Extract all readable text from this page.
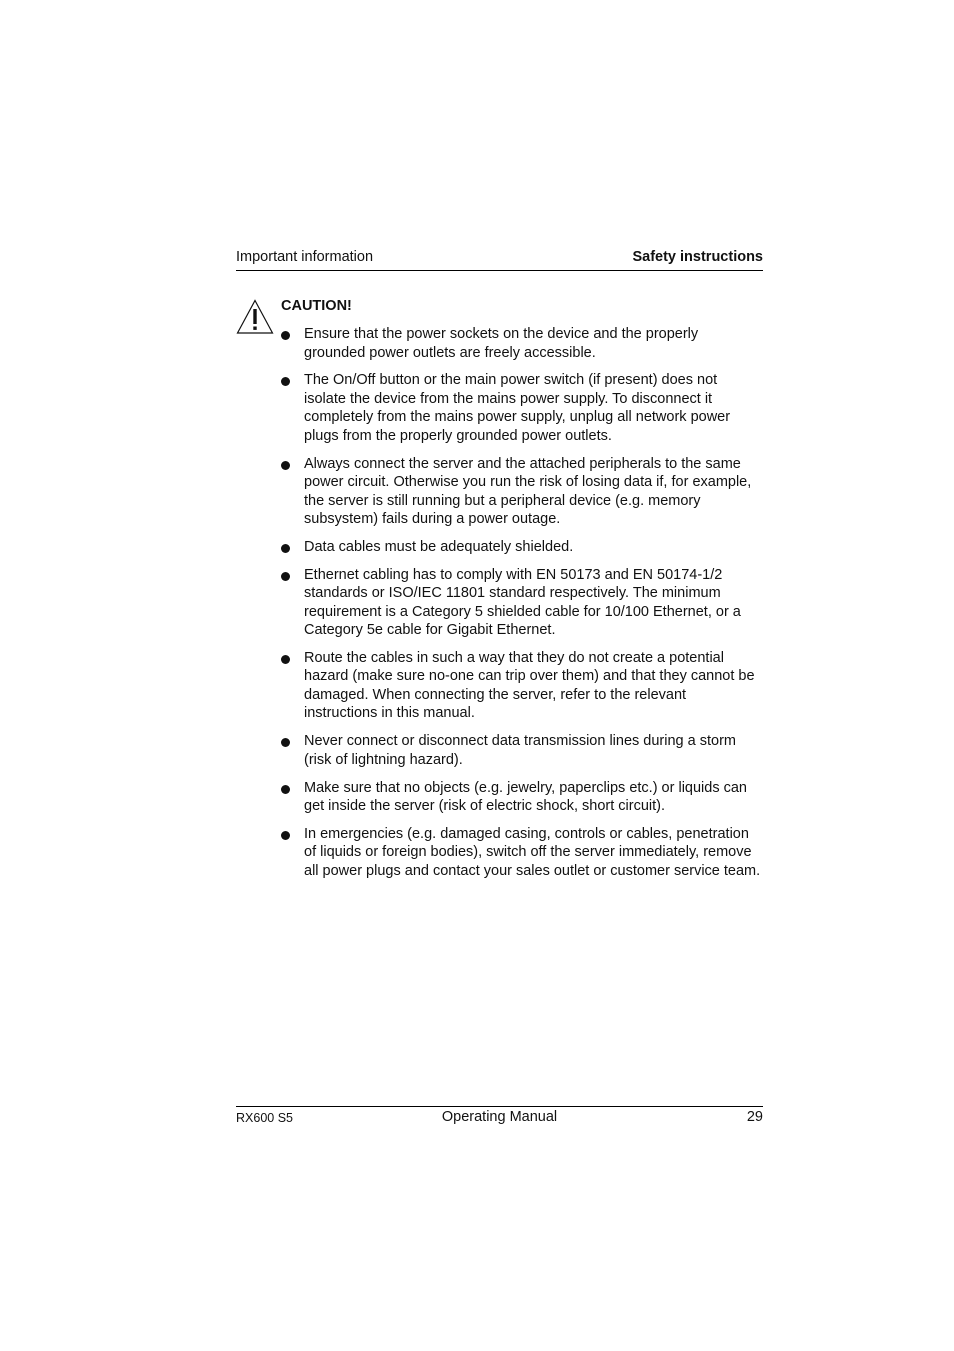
Important information	Safety instructions
CAUTION!
Ensure that the power sockets on the device and the properly grounded power outlets are freely accessible.
The On/Off button or the main power switch (if present) does not isolate the device from the mains power supply. To disconnect it completely from the mains power supply, unplug all network power plugs from the properly grounded power outlets.
Always connect the server and the attached peripherals to the same power circuit. Otherwise you run the risk of losing data if, for example, the server is still running but a peripheral device (e.g. memory subsystem) fails during a power outage.
Data cables must be adequately shielded.
Ethernet cabling has to comply with EN 50173 and EN 50174-1/2 standards or ISO/IEC 11801 standard respectively. The minimum requirement is a Category 5 shielded cable for 10/100 Ethernet, or a Category 5e cable for Gigabit Ethernet.
Route the cables in such a way that they do not create a potential hazard (make sure no-one can trip over them) and that they cannot be damaged. When connecting the server, refer to the relevant instructions in this manual.
Never connect or disconnect data transmission lines during a storm (risk of lightning hazard).
Make sure that no objects (e.g. jewelry, paperclips etc.) or liquids can get inside the server (risk of electric shock, short circuit).
In emergencies (e.g. damaged casing, controls or cables, penetration of liquids or foreign bodies), switch off the server immediately, remove all power plugs and contact your sales outlet or customer service team.
RX600 S5	Operating Manual	29
